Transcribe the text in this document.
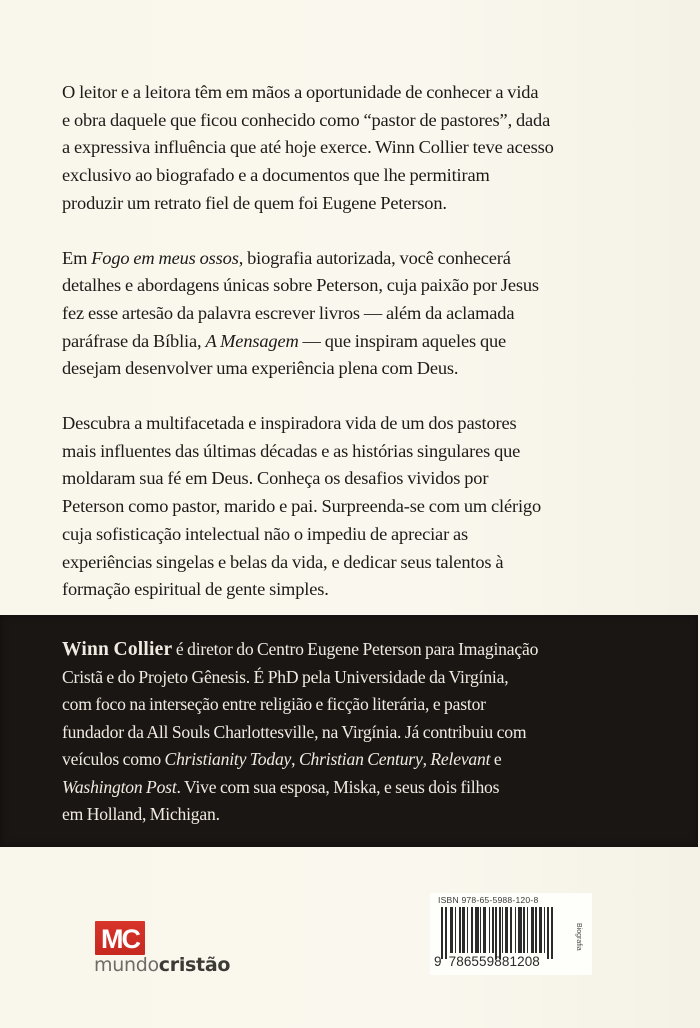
O leitor e a leitora têm em mãos a oportunidade de conhecer a vida
e obra daquele que ficou conhecido como “pastor de pastores”, dada
a expressiva influência que até hoje exerce. Winn Collier teve acesso
exclusivo ao biografado e a documentos que lhe permitiram
produzir um retrato fiel de quem foi Eugene Peterson.

Em Fogo em meus ossos, biografia autorizada, você conhecerá
detalhes e abordagens únicas sobre Peterson, cuja paixão por Jesus
fez esse artesão da palavra escrever livros — além da aclamada
paráfrase da Bíblia, A Mensagem — que inspiram aqueles que
desejam desenvolver uma experiência plena com Deus.

Descubra a multifacetada e inspiradora vida de um dos pastores
mais influentes das últimas décadas e as histórias singulares que
moldaram sua fé em Deus. Conheça os desafios vividos por
Peterson como pastor, marido e pai. Surpreenda-se com um clérigo
cuja sofisticação intelectual não o impediu de apreciar as
experiências singelas e belas da vida, e dedicar seus talentos à
formação espiritual de gente simples.

Winn Collier é diretor do Centro Eugene Peterson para Imaginação
Cristã e do Projeto Gênesis. É PhD pela Universidade da Virgínia,
com foco na interseção entre religião e ficção literária, e pastor
fundador da All Souls Charlottesville, na Virgínia. Já contribuiu com
veículos como Christianity Today, Christian Century, Relevant e
Washington Post. Vive com sua esposa, Miska, e seus dois filhos
em Holland, Michigan.

MC
mundocristão
ISBN 978-65-5988-120-8
9 786559881208
Biografia
